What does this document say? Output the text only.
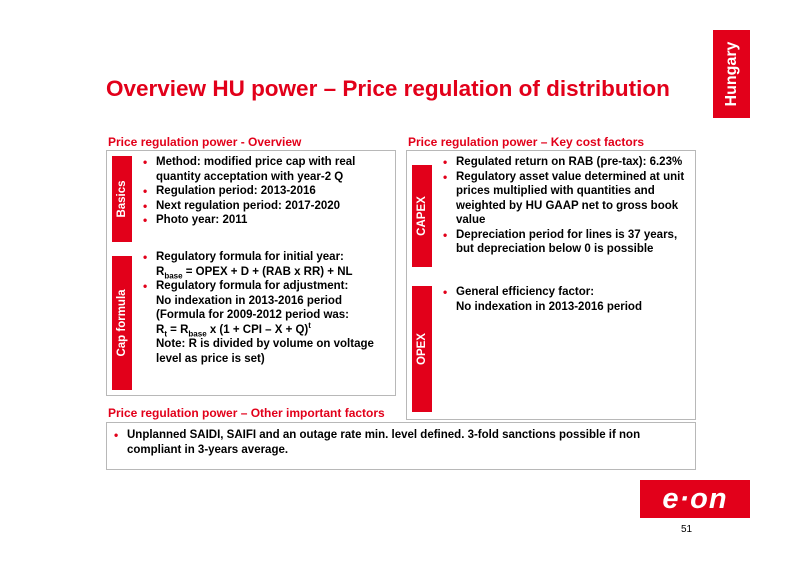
Hungary
Overview HU power – Price regulation of distribution
Price regulation power - Overview
Basics
• Method: modified price cap with real quantity acceptation with year-2 Q
• Regulation period: 2013-2016
• Next regulation period: 2017-2020
• Photo year: 2011
Cap formula
• Regulatory formula for initial year:
$R_{base}$ = OPEX + D + (RAB x RR) + NL
• Regulatory formula for adjustment:
No indexation in 2013-2016 period
(Formula for 2009-2012 period was:
$R_t = R_{base}$ x (1 + CPI – X + Q)$^t$
Note: R is divided by volume on voltage level as price is set)
Price regulation power – Key cost factors
CAPEX
• Regulated return on RAB (pre-tax): 6.23%
• Regulatory asset value determined at unit prices multiplied with quantities and weighted by HU GAAP net to gross book value
• Depreciation period for lines is 37 years, but depreciation below 0 is possible
OPEX
• General efficiency factor:
No indexation in 2013-2016 period
Price regulation power – Other important factors
• Unplanned SAIDI, SAIFI and an outage rate min. level defined. 3-fold sanctions possible if non compliant in 3-years average.
e·on
51
